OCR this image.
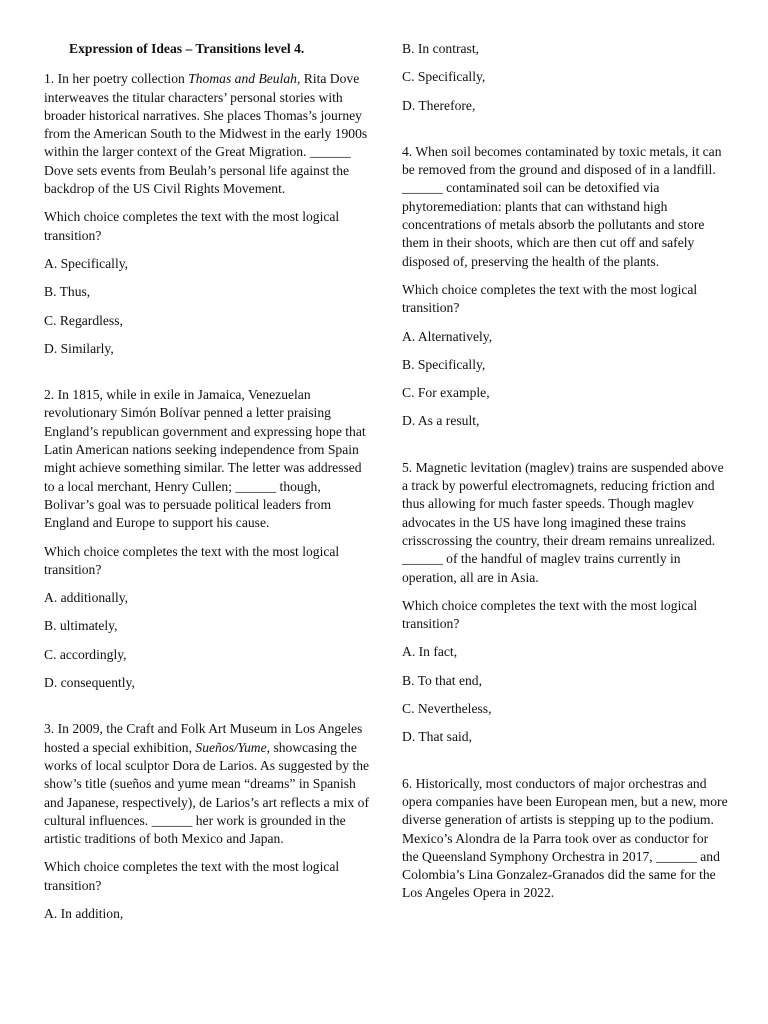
Expression of Ideas – Transitions level 4.
1. In her poetry collection Thomas and Beulah, Rita Dove interweaves the titular characters’ personal stories with broader historical narratives. She places Thomas’s journey from the American South to the Midwest in the early 1900s within the larger context of the Great Migration. ______ Dove sets events from Beulah’s personal life against the backdrop of the US Civil Rights Movement.
Which choice completes the text with the most logical transition?
A. Specifically,
B. Thus,
C. Regardless,
D. Similarly,
2. In 1815, while in exile in Jamaica, Venezuelan revolutionary Simón Bolívar penned a letter praising England’s republican government and expressing hope that Latin American nations seeking independence from Spain might achieve something similar. The letter was addressed to a local merchant, Henry Cullen; ______ though, Bolivar’s goal was to persuade political leaders from England and Europe to support his cause.
Which choice completes the text with the most logical transition?
A. additionally,
B. ultimately,
C. accordingly,
D. consequently,
3. In 2009, the Craft and Folk Art Museum in Los Angeles hosted a special exhibition, Sueños/Yume, showcasing the works of local sculptor Dora de Larios. As suggested by the show’s title (sueños and yume mean “dreams” in Spanish and Japanese, respectively), de Larios’s art reflects a mix of cultural influences. ______ her work is grounded in the artistic traditions of both Mexico and Japan.
Which choice completes the text with the most logical transition?
A. In addition,
B. In contrast,
C. Specifically,
D. Therefore,
4. When soil becomes contaminated by toxic metals, it can be removed from the ground and disposed of in a landfill. ______ contaminated soil can be detoxified via phytoremediation: plants that can withstand high concentrations of metals absorb the pollutants and store them in their shoots, which are then cut off and safely disposed of, preserving the health of the plants.
Which choice completes the text with the most logical transition?
A. Alternatively,
B. Specifically,
C. For example,
D. As a result,
5. Magnetic levitation (maglev) trains are suspended above a track by powerful electromagnets, reducing friction and thus allowing for much faster speeds. Though maglev advocates in the US have long imagined these trains crisscrossing the country, their dream remains unrealized. ______ of the handful of maglev trains currently in operation, all are in Asia.
Which choice completes the text with the most logical transition?
A. In fact,
B. To that end,
C. Nevertheless,
D. That said,
6. Historically, most conductors of major orchestras and opera companies have been European men, but a new, more diverse generation of artists is stepping up to the podium. Mexico’s Alondra de la Parra took over as conductor for the Queensland Symphony Orchestra in 2017, ______ and Colombia’s Lina Gonzalez-Granados did the same for the Los Angeles Opera in 2022.
